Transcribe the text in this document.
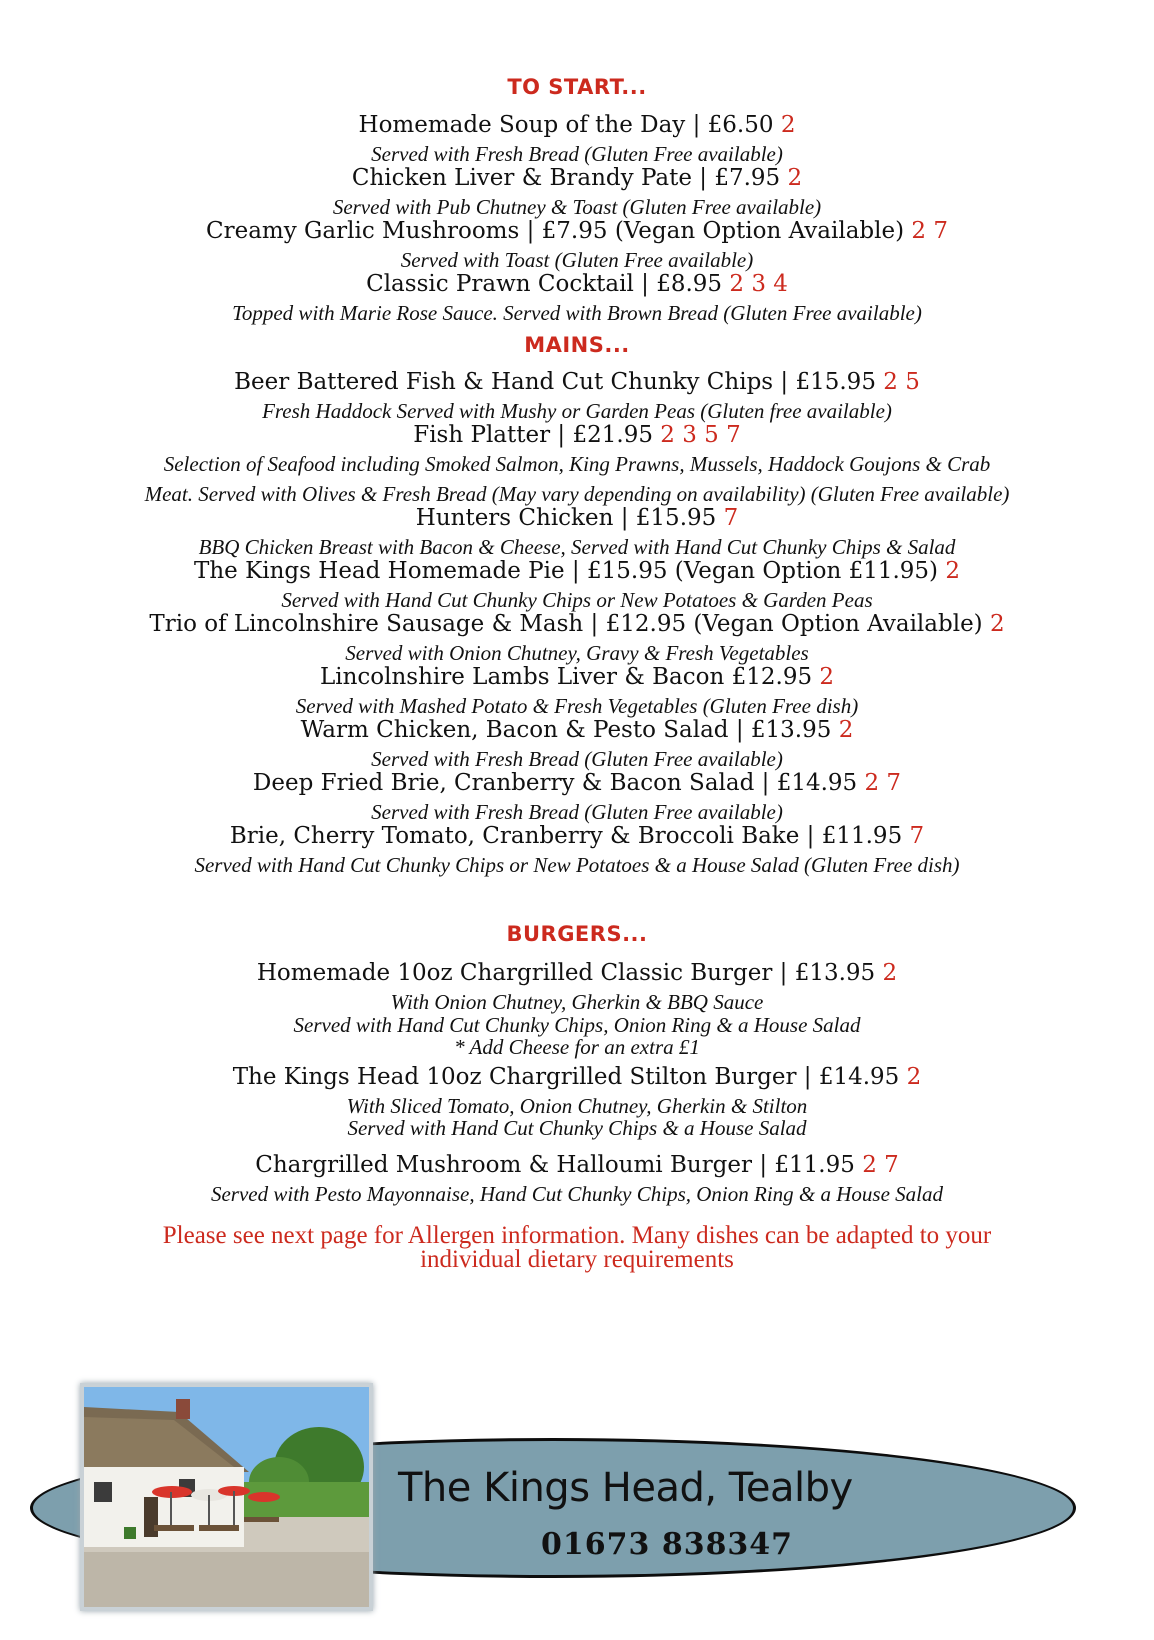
TO START...
Homemade Soup of the Day | £6.50 2
Served with Fresh Bread (Gluten Free available)
Chicken Liver & Brandy Pate | £7.95 2
Served with Pub Chutney & Toast (Gluten Free available)
Creamy Garlic Mushrooms | £7.95 (Vegan Option Available) 2 7
Served with Toast (Gluten Free available)
Classic Prawn Cocktail | £8.95 2 3 4
Topped with Marie Rose Sauce. Served with Brown Bread (Gluten Free available)
MAINS...
Beer Battered Fish & Hand Cut Chunky Chips | £15.95 2 5
Fresh Haddock Served with Mushy or Garden Peas (Gluten free available)
Fish Platter | £21.95 2 3 5 7
Selection of Seafood including Smoked Salmon, King Prawns, Mussels, Haddock Goujons & Crab
Meat. Served with Olives & Fresh Bread (May vary depending on availability) (Gluten Free available)
Hunters Chicken | £15.95 7
BBQ Chicken Breast with Bacon & Cheese, Served with Hand Cut Chunky Chips & Salad
The Kings Head Homemade Pie | £15.95 (Vegan Option £11.95) 2
Served with Hand Cut Chunky Chips or New Potatoes & Garden Peas
Trio of Lincolnshire Sausage & Mash | £12.95 (Vegan Option Available) 2
Served with Onion Chutney, Gravy & Fresh Vegetables
Lincolnshire Lambs Liver & Bacon £12.95 2
Served with Mashed Potato & Fresh Vegetables (Gluten Free dish)
Warm Chicken, Bacon & Pesto Salad | £13.95 2
Served with Fresh Bread (Gluten Free available)
Deep Fried Brie, Cranberry & Bacon Salad | £14.95 2 7
Served with Fresh Bread (Gluten Free available)
Brie, Cherry Tomato, Cranberry & Broccoli Bake | £11.95 7
Served with Hand Cut Chunky Chips or New Potatoes & a House Salad (Gluten Free dish)
BURGERS...
Homemade 10oz Chargrilled Classic Burger | £13.95 2
With Onion Chutney, Gherkin & BBQ Sauce
Served with Hand Cut Chunky Chips, Onion Ring & a House Salad
* Add Cheese for an extra £1
The Kings Head 10oz Chargrilled Stilton Burger | £14.95 2
With Sliced Tomato, Onion Chutney, Gherkin & Stilton
Served with Hand Cut Chunky Chips & a House Salad
Chargrilled Mushroom & Halloumi Burger | £11.95 2 7
Served with Pesto Mayonnaise, Hand Cut Chunky Chips, Onion Ring & a House Salad
Please see next page for Allergen information. Many dishes can be adapted to your
individual dietary requirements
The Kings Head, Tealby
01673 838347
